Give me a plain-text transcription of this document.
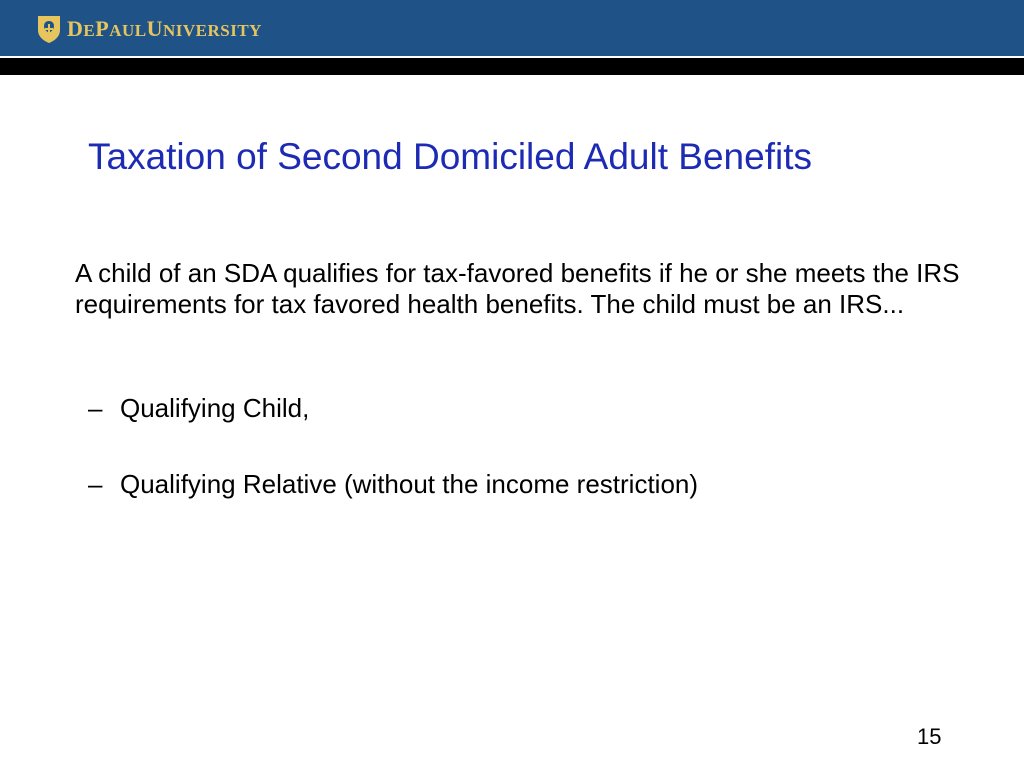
DEPAULUNIVERSITY
Taxation of Second Domiciled Adult Benefits

A child of an SDA qualifies for tax-favored benefits if he or she meets the IRS requirements for tax favored health benefits. The child must be an IRS...

– Qualifying Child,
– Qualifying Relative (without the income restriction)
15
